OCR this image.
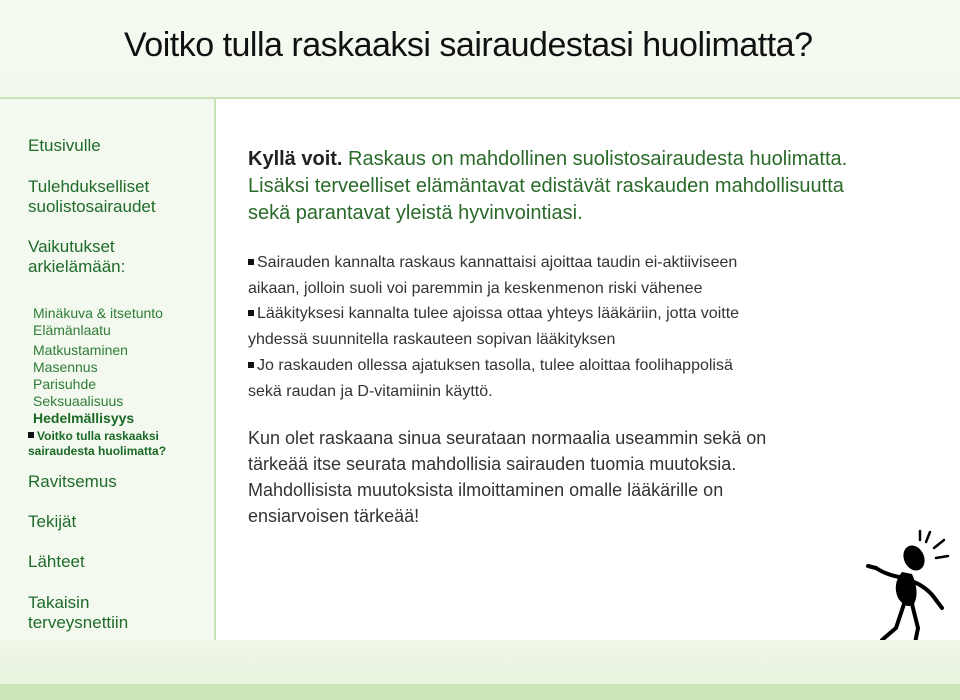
Voitko tulla raskaaksi sairaudestasi huolimatta?
Etusivulle
Tulehdukselliset
suolistosairaudet
Vaikutukset
arkielämään:
Minäkuva & itsetunto
Elämänlaatu
Matkustaminen
Masennus
Parisuhde
Seksuaalisuus
Hedelmällisyys
Voitko tulla raskaaksi
sairaudesta huolimatta?
Ravitsemus
Tekijät
Lähteet
Takaisin
terveysnettiin

Kyllä voit. Raskaus on mahdollinen suolistosairaudesta huolimatta. Lisäksi terveelliset elämäntavat edistävät raskauden mahdollisuutta sekä parantavat yleistä hyvinvointiasi.

Sairauden kannalta raskaus kannattaisi ajoittaa taudin ei-aktiiviseen

aikaan, jolloin suoli voi paremmin ja keskenmenon riski vähenee

Lääkityksesi kannalta tulee ajoissa ottaa yhteys lääkäriin, jotta voitte

yhdessä suunnitella raskauteen sopivan lääkityksen

Jo raskauden ollessa ajatuksen tasolla, tulee aloittaa foolihappolisä

sekä raudan ja D-vitamiinin käyttö.

Kun olet raskaana sinua seurataan normaalia useammin sekä on
tärkeää itse seurata mahdollisia sairauden tuomia muutoksia.
Mahdollisista muutoksista ilmoittaminen omalle lääkärille on
ensiarvoisen tärkeää!
